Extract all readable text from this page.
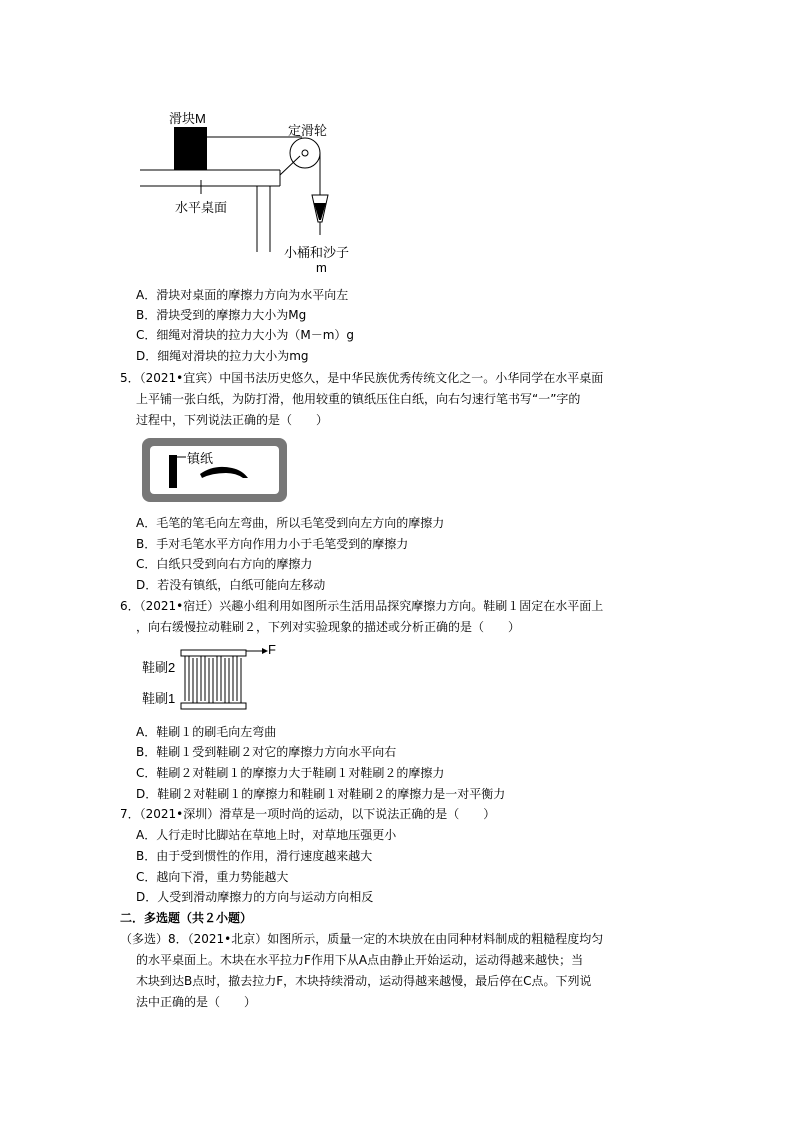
滑块M
定滑轮
水平桌面
小桶和沙子
m
A．滑块对桌面的摩擦力方向为水平向左
B．滑块受到的摩擦力大小为Mg
C．细绳对滑块的拉力大小为（M－m）g
D．细绳对滑块的拉力大小为mg
5．（2021•宜宾）中国书法历史悠久，是中华民族优秀传统文化之一。小华同学在水平桌面
上平铺一张白纸，为防打滑，他用较重的镇纸压住白纸，向右匀速行笔书写“一”字的
过程中，下列说法正确的是（　　）
镇纸
A．毛笔的笔毛向左弯曲，所以毛笔受到向左方向的摩擦力
B．手对毛笔水平方向作用力小于毛笔受到的摩擦力
C．白纸只受到向右方向的摩擦力
D．若没有镇纸，白纸可能向左移动
6．（2021•宿迁）兴趣小组利用如图所示生活用品探究摩擦力方向。鞋刷１固定在水平面上
，向右缓慢拉动鞋刷２，下列对实验现象的描述或分析正确的是（　　）
F
鞋刷2
鞋刷1
A．鞋刷１的刷毛向左弯曲
B．鞋刷１受到鞋刷２对它的摩擦力方向水平向右
C．鞋刷２对鞋刷１的摩擦力大于鞋刷１对鞋刷２的摩擦力
D．鞋刷２对鞋刷１的摩擦力和鞋刷１对鞋刷２的摩擦力是一对平衡力
7．（2021•深圳）滑草是一项时尚的运动，以下说法正确的是（　　）
A．人行走时比脚站在草地上时，对草地压强更小
B．由于受到惯性的作用，滑行速度越来越大
C．越向下滑，重力势能越大
D．人受到滑动摩擦力的方向与运动方向相反
二．多选题（共２小题）
（多选）8．（2021•北京）如图所示，质量一定的木块放在由同种材料制成的粗糙程度均匀
的水平桌面上。木块在水平拉力F作用下从A点由静止开始运动，运动得越来越快；当
木块到达B点时，撤去拉力F，木块持续滑动，运动得越来越慢，最后停在C点。下列说
法中正确的是（　　）
